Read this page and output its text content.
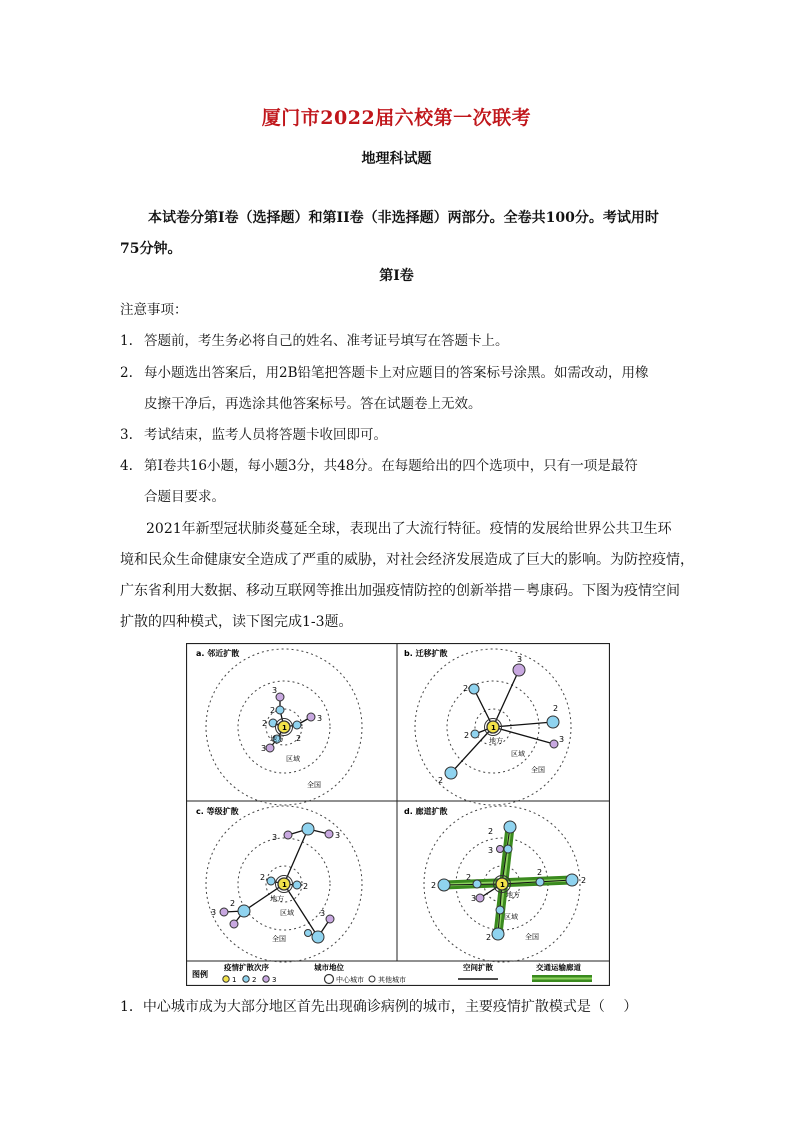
厦门市2022届六校第一次联考
地理科试题
本试卷分第Ⅰ卷（选择题）和第II卷（非选择题）两部分。全卷共100分。考试用时
75分钟。
第Ⅰ卷
注意事项：
1. 答题前，考生务必将自己的姓名、准考证号填写在答题卡上。
2. 每小题选出答案后，用2B铅笔把答题卡上对应题目的答案标号涂黑。如需改动，用橡
皮擦干净后，再选涂其他答案标号。答在试题卷上无效。
3. 考试结束，监考人员将答题卡收回即可。
4. 第Ⅰ卷共16小题，每小题3分，共48分。在每题给出的四个选项中，只有一项是最符
合题目要求。
2021年新型冠状肺炎蔓延全球，表现出了大流行特征。疫情的发展给世界公共卫生环
境和民众生命健康安全造成了严重的威胁，对社会经济发展造成了巨大的影响。为防控疫情，
广东省利用大数据、移动互联网等推出加强疫情防控的创新举措－粤康码。下图为疫情空间
扩散的四种模式，读下图完成1-3题。
a. 邻近扩散	b. 迁移扩散
c. 等级扩散	d. 廊道扩散
1
3
2
2
3
3
地方 2
区域
全国
1
2
3
2
2
3
2
地方
区域
全国
1
3	3
2
2
2
3	3
地方
区域
全国
1
2
3
2
2	2
2
3
2
地方
区域
全国
图例
疫情扩散次序
1 2 3
城市地位
中心城市 其他城市
空间扩散	交通运输廊道
1．中心城市成为大部分地区首先出现确诊病例的城市，主要疫情扩散模式是（　 ）
